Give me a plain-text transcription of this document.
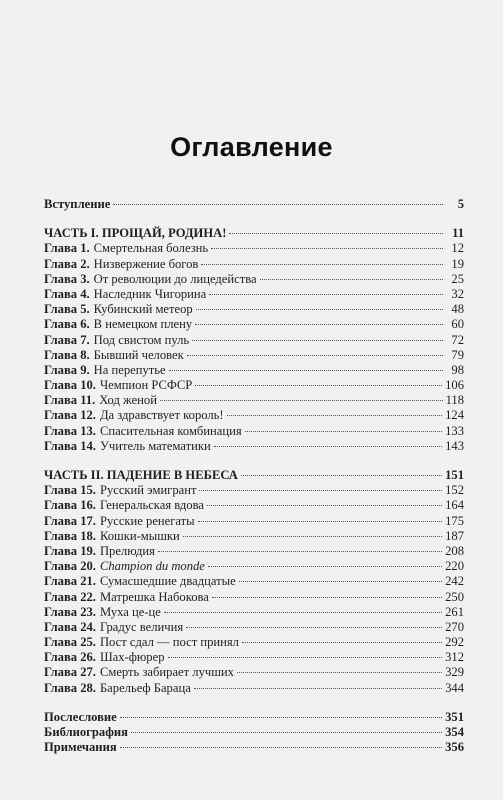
Оглавление
Вступление	5
ЧАСТЬ I. ПРОЩАЙ, РОДИНА!	11
Глава 1. Смертельная болезнь	12
Глава 2. Низвержение богов	19
Глава 3. От революции до лицедейства	25
Глава 4. Наследник Чигорина	32
Глава 5. Кубинский метеор	48
Глава 6. В немецком плену	60
Глава 7. Под свистом пуль	72
Глава 8. Бывший человек	79
Глава 9. На перепутье	98
Глава 10. Чемпион РСФСР	106
Глава 11. Ход женой	118
Глава 12. Да здравствует король!	124
Глава 13. Спасительная комбинация	133
Глава 14. Учитель математики	143
ЧАСТЬ II. ПАДЕНИЕ В НЕБЕСА	151
Глава 15. Русский эмигрант	152
Глава 16. Генеральская вдова	164
Глава 17. Русские ренегаты	175
Глава 18. Кошки-мышки	187
Глава 19. Прелюдия	208
Глава 20. Champion du monde	220
Глава 21. Сумасшедшие двадцатые	242
Глава 22. Матрешка Набокова	250
Глава 23. Муха це-це	261
Глава 24. Градус величия	270
Глава 25. Пост сдал — пост принял	292
Глава 26. Шах-фюрер	312
Глава 27. Смерть забирает лучших	329
Глава 28. Барельеф Бараца	344
Послесловие	351
Библиография	354
Примечания	356
